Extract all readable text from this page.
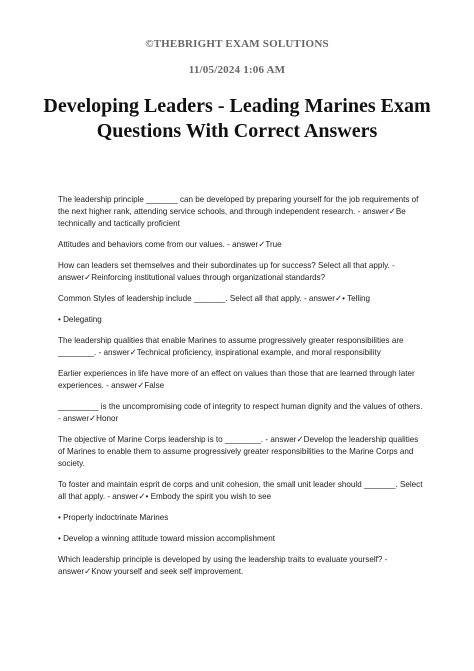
©THEBRIGHT EXAM SOLUTIONS
11/05/2024 1:06 AM
Developing Leaders - Leading Marines Exam Questions With Correct Answers

The leadership principle _______ can be developed by preparing yourself for the job requirements of the next higher rank, attending service schools, and through independent research. - answer✓Be technically and tactically proficient

Attitudes and behaviors come from our values. - answer✓True

How can leaders set themselves and their subordinates up for success? Select all that apply. - answer✓Reinforcing institutional values through organizational standards?

Common Styles of leadership include _______. Select all that apply. - answer✓• Telling

• Delegating

The leadership qualities that enable Marines to assume progressively greater responsibilities are ________. - answer✓Technical proficiency, inspirational example, and moral responsibility

Earlier experiences in life have more of an effect on values than those that are learned through later experiences. - answer✓False

_________ is the uncompromising code of integrity to respect human dignity and the values of others. - answer✓Honor

The objective of Marine Corps leadership is to ________. - answer✓Develop the leadership qualities of Marines to enable them to assume progressively greater responsibilities to the Marine Corps and society.

To foster and maintain esprit de corps and unit cohesion, the small unit leader should _______. Select all that apply. - answer✓• Embody the spirit you wish to see

• Properly indoctrinate Marines

• Develop a winning attitude toward mission accomplishment

Which leadership principle is developed by using the leadership traits to evaluate yourself? - answer✓Know yourself and seek self improvement.
